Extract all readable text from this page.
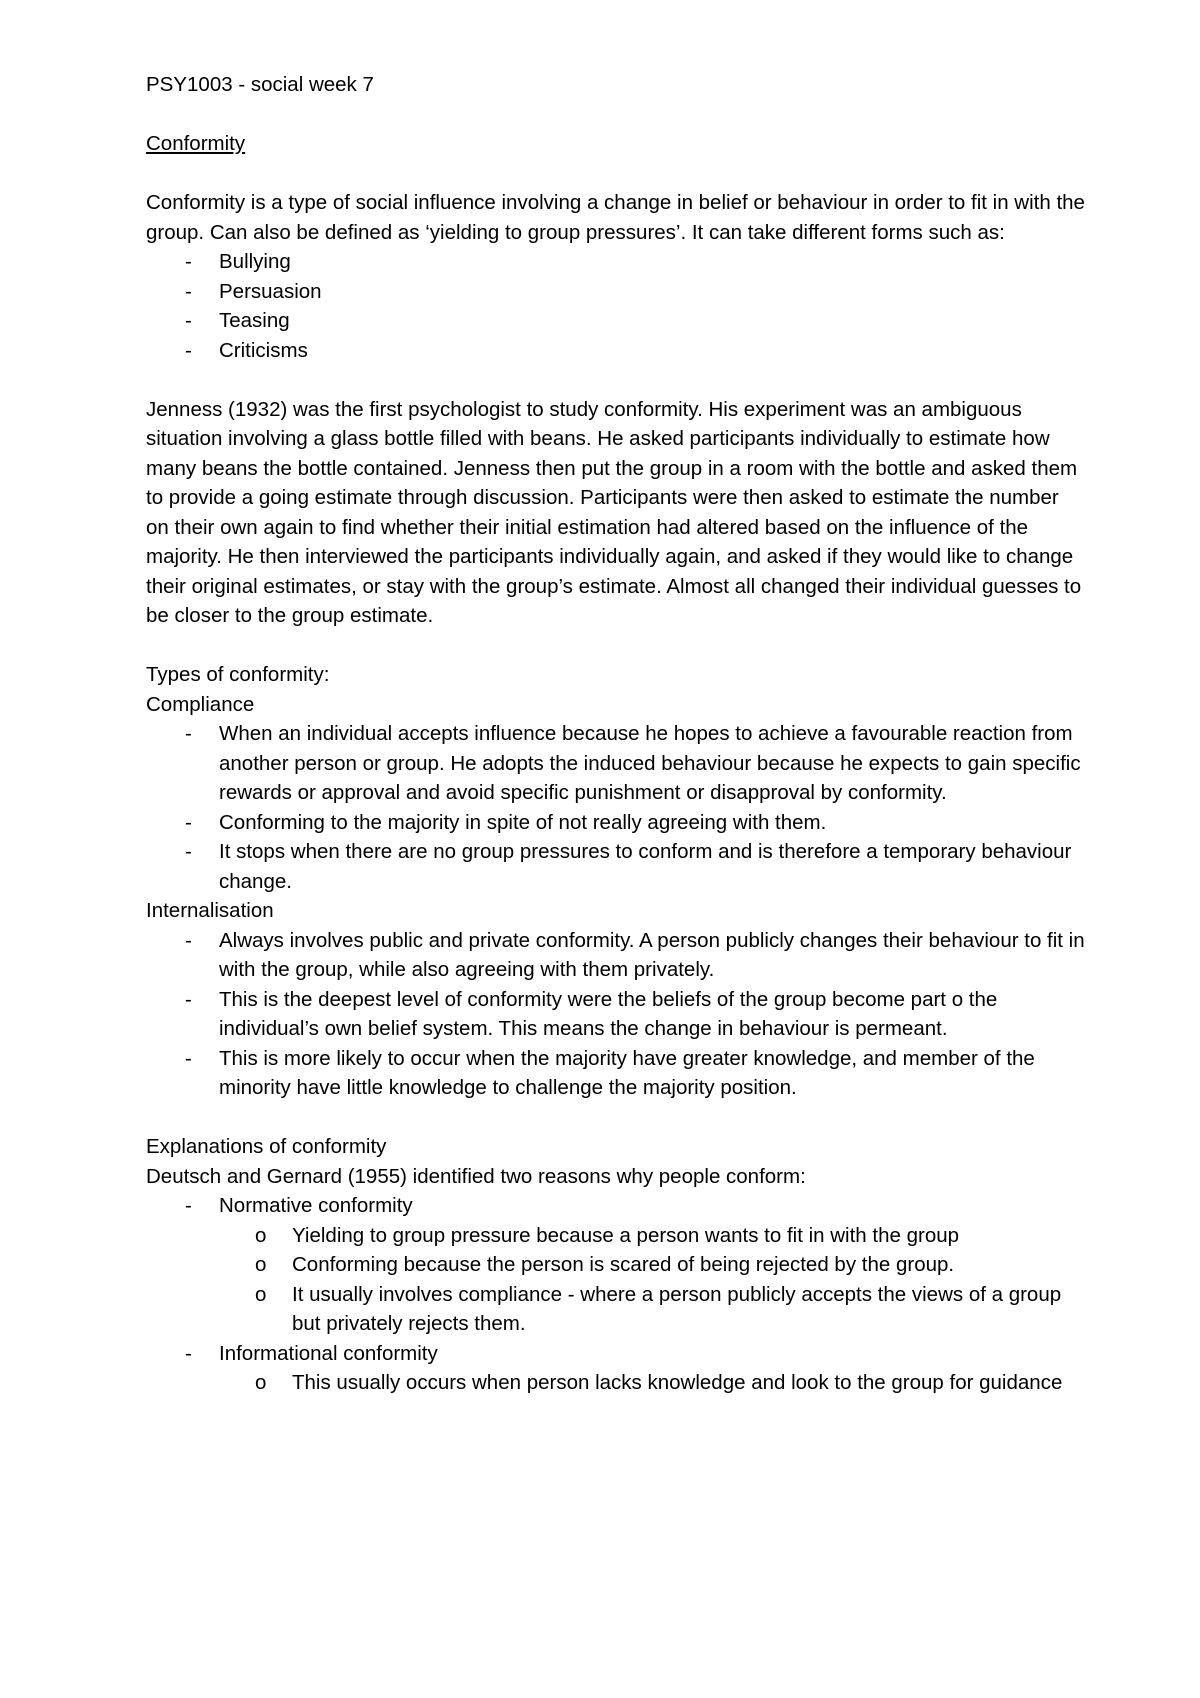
PSY1003 - social week 7

Conformity

Conformity is a type of social influence involving a change in belief or behaviour in order to fit in with the group. Can also be defined as ‘yielding to group pressures’. It can take different forms such as:

- Bullying
- Persuasion
- Teasing
- Criticisms

Jenness (1932) was the first psychologist to study conformity. His experiment was an ambiguous situation involving a glass bottle filled with beans. He asked participants individually to estimate how many beans the bottle contained. Jenness then put the group in a room with the bottle and asked them to provide a going estimate through discussion. Participants were then asked to estimate the number on their own again to find whether their initial estimation had altered based on the influence of the majority. He then interviewed the participants individually again, and asked if they would like to change their original estimates, or stay with the group’s estimate. Almost all changed their individual guesses to be closer to the group estimate.

Types of conformity:

Compliance

- When an individual accepts influence because he hopes to achieve a favourable reaction from another person or group. He adopts the induced behaviour because he expects to gain specific rewards or approval and avoid specific punishment or disapproval by conformity.
- Conforming to the majority in spite of not really agreeing with them.
- It stops when there are no group pressures to conform and is therefore a temporary behaviour change.

Internalisation

- Always involves public and private conformity. A person publicly changes their behaviour to fit in with the group, while also agreeing with them privately.
- This is the deepest level of conformity were the beliefs of the group become part o the individual’s own belief system. This means the change in behaviour is permeant.
- This is more likely to occur when the majority have greater knowledge, and member of the minority have little knowledge to challenge the majority position.

Explanations of conformity

Deutsch and Gernard (1955) identified two reasons why people conform:

- Normative conformity
o Yielding to group pressure because a person wants to fit in with the group
o Conforming because the person is scared of being rejected by the group.
o It usually involves compliance - where a person publicly accepts the views of a group but privately rejects them.
- Informational conformity
o This usually occurs when person lacks knowledge and look to the group for guidance
